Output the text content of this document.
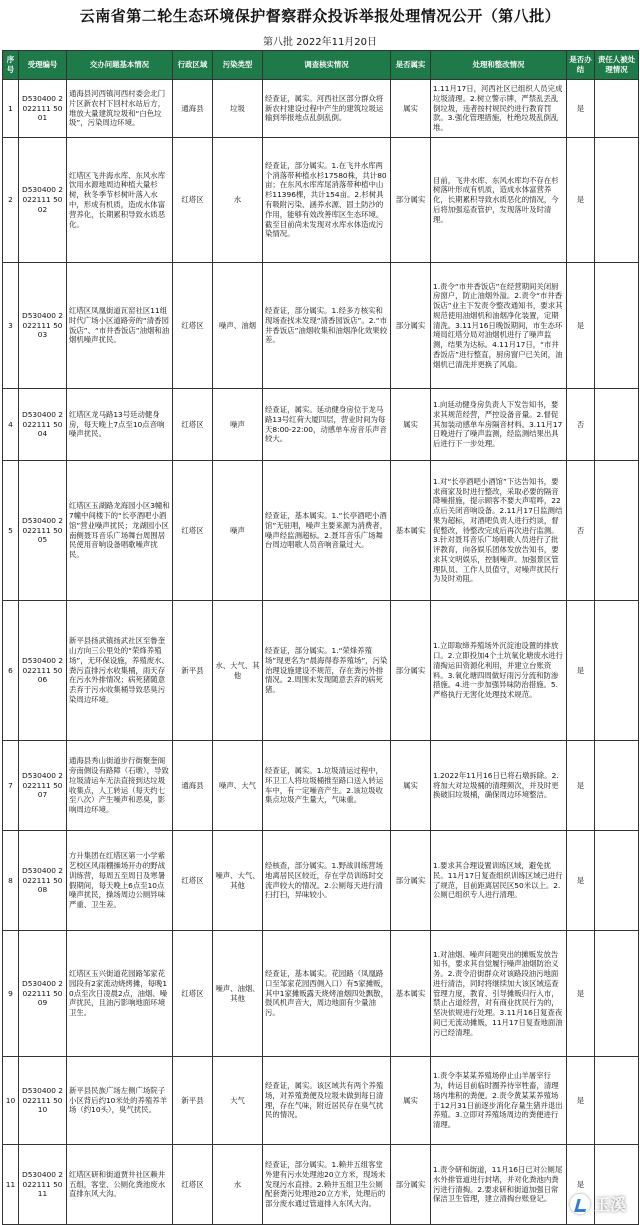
云南省第二轮生态环境保护督察群众投诉举报处理情况公开（第八批）
第八批 2022年11月20日
序号	受理编号	交办问题基本情况	行政区域	污染类型	调查核实情况	是否属实	处理和整改情况	是否办结	责任人被处理情况
1	D530400 2022111 5001	通海县河西镇河西村委会北门片区新农村下回村水站后方，堆放大量建筑垃圾和“白色垃圾”，污染周边环境。	通海县	垃圾	经查证，属实。河西社区部分群众将新农村建设过程中产生的建筑垃圾运输到举报地点乱倒乱倒。	属实	1.11月17日，河西社区已组织人员完成垃圾清理。2.树立警示牌，严禁乱丢乱倒垃圾，违者按村规民约进行教育罚款。3.强化管理措施，杜绝垃圾乱倒乱堆。	是	
2	D530400 2022111 5002	红塔区飞井海水库、东风水库饮用水源地周边种植大量杉树，秋冬季节杉树叶落入水中，形成有机质，造成水体富营养化，长期累积导致水质恶化。	红塔区	水	经查证，部分属实。1.在飞井水库两个消落带种植水杉17580株，共计80亩；在东风水库库尾消落带种植中山杉11396棵，共计154亩。2.杉树具有吸附污染、涵养水源、固土防沙的作用，能够有效改善库区生态环境。截至目前尚未发现对水库水体造成污染情况。	部分属实	目前，飞井水库、东风水库均不存在杉树落叶形成有机质，造成水体富营养化，长期累积导致水质恶化的情况，今后将加强巡查管护，发现落叶及时清理。	是	
3	D530400 2022111 5003	红塔区凤凰街道瓦窑社区11组时代广场小区道路旁的“清香园饭店”、“市井香饭店”油烟和油烟机噪声扰民。	红塔区	噪声、油烟	经查证，部分属实。1.经多方核实和现场查找未发现“清香园饭店”。2.“市井香饭店”油烟收集和油烟净化效果较差。	部分属实	1.责令“市井香饭店”在经营期间关闭厨房窗户，防止油烟外溢。2.责令“市井香饭店”业主下发责令整改通知书，要求其规范使用油烟机和油烟净化装置，定期清洗。3.11月16日晚饭期间，市生态环境局红塔分局对油烟机进行了噪声监测，结果为达标。4.11月17日，“市井香饭店”进行整直，厨房窗户已关闭，油烟机已清洗并更换了风扇。	是	
4	D530400 2022111 5004	红塔区龙马路13号廷动健身房，每天晚上7点至10点音响噪声扰民。	红塔区	噪声	经查证，属实。延动健身房位于龙马路13号红荷大厦四层，营业时间为每天8:00-22:00，动感单车房音乐声音较大。	属实	1.向延动健身房负责人下发告知书，要求其规范经营，严控设备音量。2.督促其加装动感单车房隔音材料。3.11月17日晚进行了噪声监测，经监测结果出具后进行下一步处理。	否	
5	D530400 2022111 5005	红塔区玉湖路龙海园小区3幢和7幢中间楼下的“长亭酒吧小酒馆”营业噪声扰民；龙湖园小区南侧聂耳音乐广场舞台周围居民使用音响设备唱歌噪声扰民。	红塔区	噪声	经查证，基本属实。1.“长亭酒吧小酒馆”无驻唱，噪声主要来源为消费者，噪声经监测超标。2.聂耳音乐广场舞台周边唱歌人员音响音量过大。	基本属实	1.对“长亭酒吧小酒馆”下达告知书，要求商家及时进行整改，采取必要的隔音降噪措施，提示顾客不要大声喧哗，22点后关闭音响设备。2.11月17日监测结果为超标，对酒吧负责人进行约谈，督促整改，待整改完成后再次进行监测。3.针对聂耳音乐广场唱歌人员进行了批评教育，向各娱乐团体发放告知书，要求其文明娱乐，控制噪声。加强景区管理队员、工作人员值守，对噪声扰民行为及时劝阻。	否	
6	D530400 2022111 5006	新平县扬武镇扬武社区至鲁奎山方向三公里处的“荣烽养殖场”，无环保设施，养殖废水、粪污直排污水收集桶，雨天存在污水外排情况；病死猪随意丢弃于污水收集桶导致恶臭污染周边环境。	新平县	水、大气、其他	经查证，部分属实。1.“荣烽养殖场”现更名为“晨海得春养殖场”，污染治理设施建设不规范，存在粪污外排情况。2.周围未发现随意丢弃的病死猪。	部分属实	1.立即取缔养殖场外沉淀池设置的排放口。2.立即投加4个土坑氧化塘废水进行清掏运田资源化利用，并建立台账资料。3.氧化塘四周做好雨污分流和防渗措施。4.进一步加强异味防治措施。5.严格执行无害化处理技术规范。	是	
7	D530400 2022111 5007	通海县秀山街道步行街聚奎阁旁南侧设有路障（石墩），导致垃圾清运车无法直接到达垃圾收集点，人工转运（每天约七至八次）产生噪声和恶臭，影响周边环境。	通海县	噪声、大气	经查证，属实。1.垃圾清运过程中，环卫工人将垃圾桶推至路口送入转运车中，有一定噪音产生。2.该垃圾收集点垃圾产生量大，气味重。	属实	1.2022年11月16日已将石墩拆除。2.将加大对垃圾桶的清理频次，并及时更换破旧垃圾桶，确保周边环境整洁。	是	
8	D530400 2022111 5008	方升集团在红塔区第一小学紫艺校区风雨棚操场开办的野战训练营，每周五至周日及寒暑假期间，每天晚上6点至10点噪声扰民，操场周边公厕异味严重、卫生差。	红塔区	噪声、大气、其他	经核查，部分属实。1.野战训练营场地离居民区较近，存在学员训练时交流声较大的情况。2.公厕每天进行清扫打扫，异味较小。	部分属实	1.要求其合理设置训练区域，避免扰民。11月17日复查组织训练区域已进行了规范，目前距离居民区50米以上。2.公厕已组织专人进行清理。	是	
9	D530400 2022111 5009	红塔区玉兴街道花园路邹家花园段有2家流动烧烤摊，每晚10点至次日凌晨2点，油烟、噪声扰民，且油污影响地面环境卫生。	红塔区	噪声、油烟、其他	经查证，基本属实。花园路（凤凰路口至邹家花园西侧入口）有5家摊贩，其中1家摊贩露天烧烤油烟四处飘散，鼓风机声音大，周边地面有少量油污。	基本属实	1.对油烟、噪声问题突出的摊贩发放告知书，要求其自觉履行噪声油烟防治义务。2.责令沿街群众对该路段油污地面进行清洁，同时将继续加大该区域巡查管理力度，教育、引导摊贩归行入市，禁止占道经营，对有商业扰民行为的，坚决依规进行处理。3.11月16日复查夜间已无流动摊贩，11月17日复查地面油污已经清理。	是	
10	D530400 2022111 5010	新平县民族广场左侧广场院子小区背后约10米处的养殖养羊场（约10头），臭气扰民。	新平县	大气	经查证，属实。该区域共有两个养殖场，对养殖粪便及垃圾未做到每日清理，存在气味，附近居民存在臭气扰民的情况。	属实	1.责令李某某养殖场停止山羊屠宰行为，转运目前临时圈养待宰牲畜，清理场内堆积的粪便。2.责令黄某某养殖场于12月31日前逐步消化存量生猪并退出养殖。3.立即对养殖场周边的粪便进行清理。	是	
11	D530400 2022111 5011	红塔区研和街道贾井社区赖井五组，客堂、公厕化粪池废水直排东风大沟。	红塔区	水	经查证，部分属实。1.赖井五组客堂外建有污水处理池20立方米，现场未发现污水直排。2.赖井五组卫生公厕配套粪污处理池20立方米，处理后的部分废水通过管道排入东风大沟。	部分属实	1.责令研和街道，11月16日已对公厕尾水外排管道进行封堵，并对化粪池内粪污进行清掏。2.要求研和街道加强日常保洁卫生管理，建立清掏台账登记。	是	
玉溪
